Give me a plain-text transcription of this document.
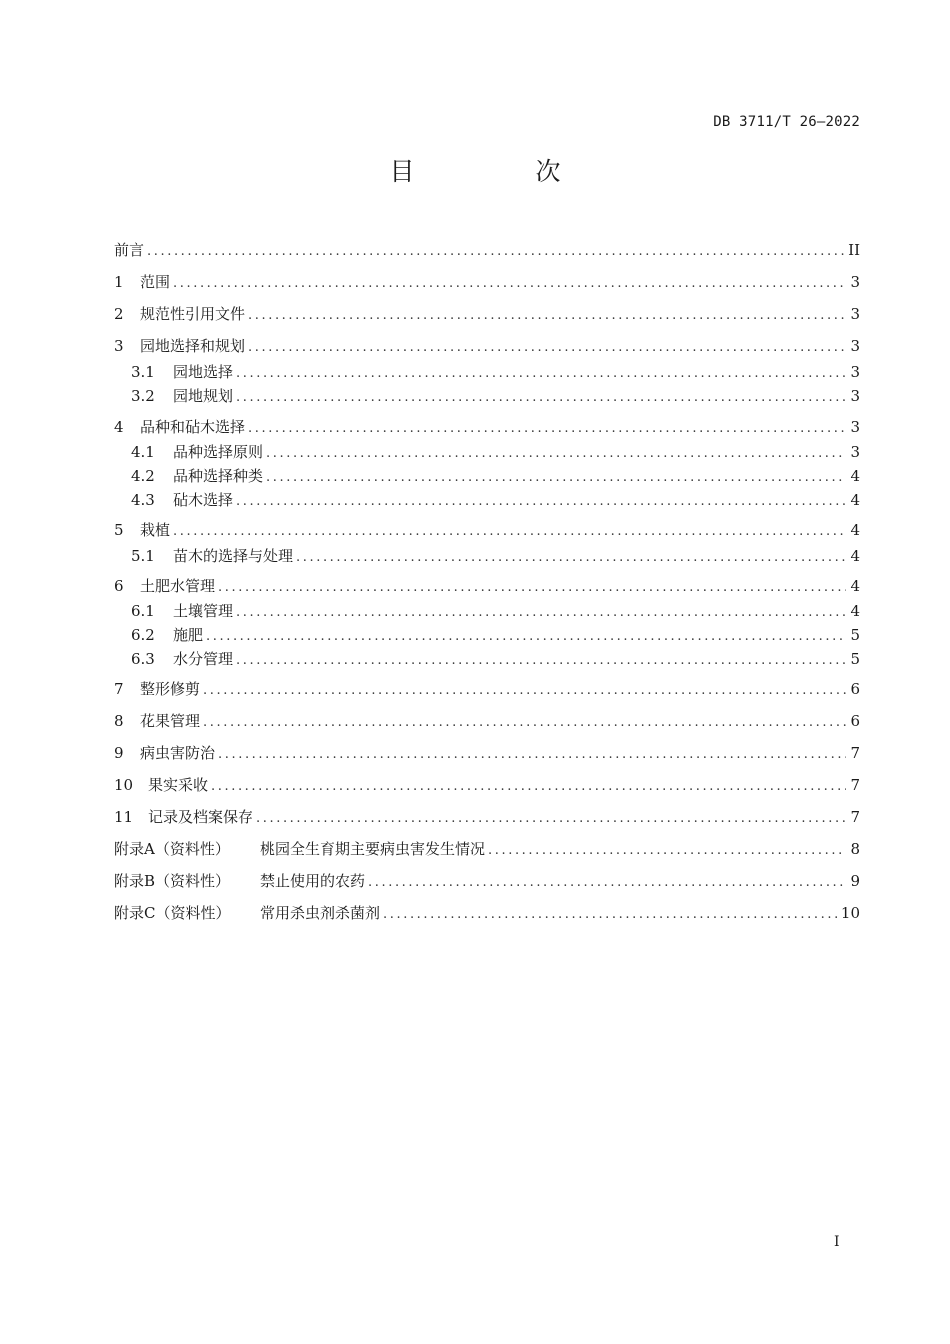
DB 3711/T 26—2022
目　次
前言 .....	II
1	范围 .....	3
2	规范性引用文件 .....	3
3	园地选择和规划 .....	3
3.1	园地选择 .....	3
3.2	园地规划 .....	3
4	品种和砧木选择 .....	3
4.1	品种选择原则 .....	3
4.2	品种选择种类 .....	4
4.3	砧木选择 .....	4
5	栽植 .....	4
5.1	苗木的选择与处理 .....	4
6	土肥水管理 .....	4
6.1	土壤管理 .....	4
6.2	施肥 .....	5
6.3	水分管理 .....	5
7	整形修剪 .....	6
8	花果管理 .....	6
9	病虫害防治 .....	7
10 果实采收 .....	7
11 记录及档案保存 .....	7
附录A（资料性）	桃园全生育期主要病虫害发生情况 .....	8
附录B（资料性）	禁止使用的农药 .....	9
附录C（资料性）	常用杀虫剂杀菌剂 .....	10
I
